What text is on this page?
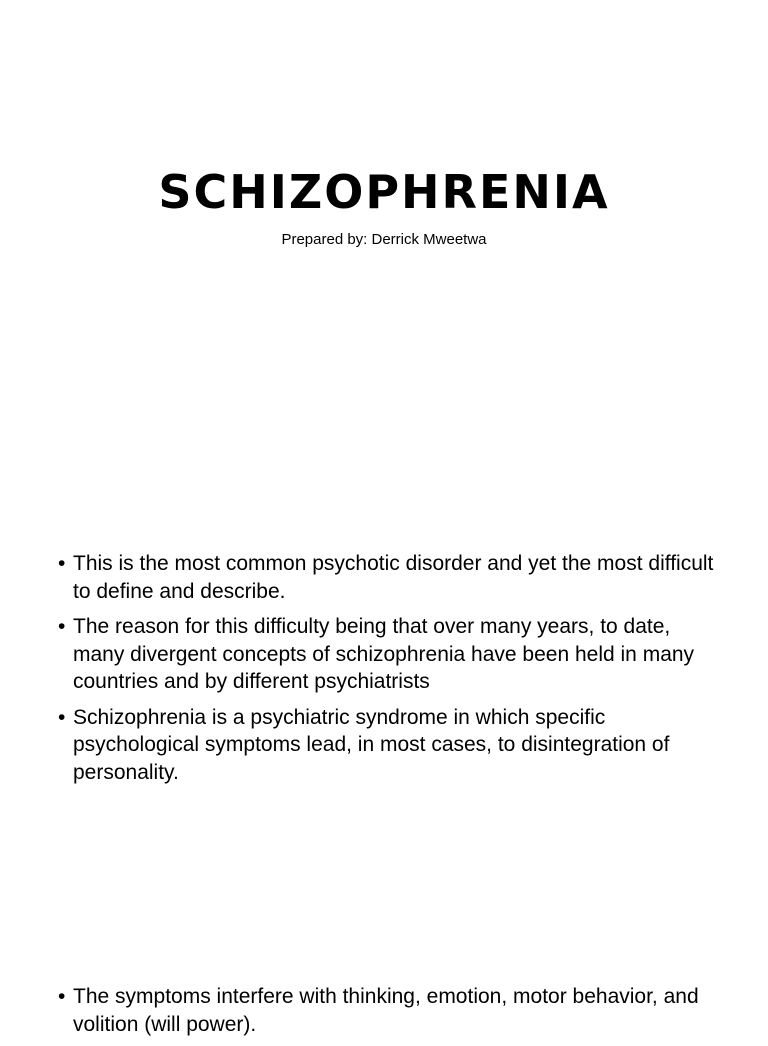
SCHIZOPHRENIA
Prepared by: Derrick Mweetwa
• This is the most common psychotic disorder and yet the most difficult to define and describe.
• The reason for this difficulty being that over many years, to date, many divergent concepts of schizophrenia have been held in many countries and by different psychiatrists
• Schizophrenia is a psychiatric syndrome in which specific psychological symptoms lead, in most cases, to disintegration of personality.
• The symptoms interfere with thinking, emotion, motor behavior, and volition (will power).
